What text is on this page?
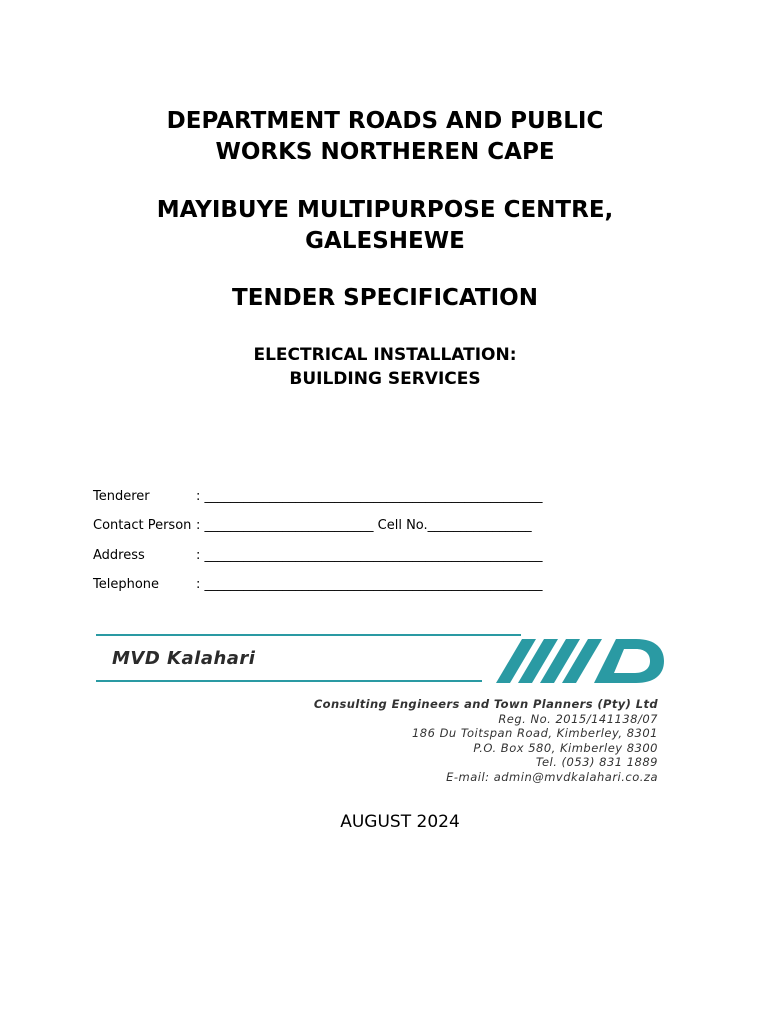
DEPARTMENT ROADS AND PUBLIC
WORKS NORTHEREN CAPE
MAYIBUYE MULTIPURPOSE CENTRE,
GALESHEWE
TENDER SPECIFICATION
ELECTRICAL INSTALLATION:
BUILDING SERVICES
Tenderer	: ____________________________________________________
Contact Person : __________________________ Cell No.________________
Address	: ____________________________________________________
Telephone	: ____________________________________________________
MVD Kalahari
Consulting Engineers and Town Planners (Pty) Ltd
Reg. No. 2015/141138/07
186 Du Toitspan Road, Kimberley, 8301
P.O. Box 580, Kimberley 8300
Tel. (053) 831 1889
E-mail: admin@mvdkalahari.co.za
AUGUST 2024
